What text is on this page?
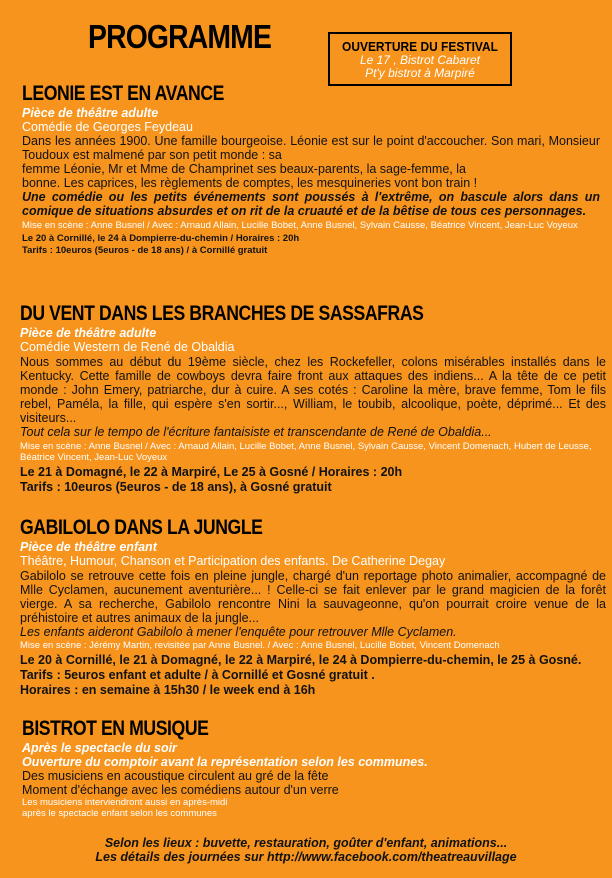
PROGRAMME	OUVERTURE DU FESTIVAL
Le 17 , Bistrot Cabaret
Pt'y bistrot à Marpiré
LEONIE EST EN AVANCE
Pièce de théâtre adulte
Comédie de Georges Feydeau
Dans les années 1900. Une famille bourgeoise. Léonie est sur le point d'accoucher. Son mari, Monsieur Toudoux est malmené par son petit monde : sa
femme Léonie, Mr et Mme de Champrinet ses beaux-parents, la sage-femme, la
bonne. Les caprices, les règlements de comptes, les mesquineries vont bon train !
Une comédie ou les petits événements sont poussés à l'extrême, on bascule alors dans un comique de situations absurdes et on rit de la cruauté et de la bêtise de tous ces personnages.
Mise en scène : Anne Busnel / Avec : Arnaud Allain, Lucille Bobet, Anne Busnel, Sylvain Causse, Béatrice Vincent, Jean-Luc Voyeux
Le 20 à Cornillé, le 24 à Dompierre-du-chemin / Horaires : 20h
Tarifs : 10euros (5euros - de 18 ans) / à Cornillé gratuit
DU VENT DANS LES BRANCHES DE SASSAFRAS
Pièce de théâtre adulte
Comédie Western de René de Obaldia
Nous sommes au début du 19ème siècle, chez les Rockefeller, colons misérables installés dans le Kentucky. Cette famille de cowboys devra faire front aux attaques des indiens... A la tête de ce petit monde : John Emery, patriarche, dur à cuire. A ses cotés : Caroline la mère, brave femme, Tom le fils rebel, Paméla, la fille, qui espère s'en sortir..., William, le toubib, alcoolique, poète, déprimé... Et des visiteurs...
Tout cela sur le tempo de l'écriture fantaisiste et transcendante de René de Obaldia...
Mise en scène : Anne Busnel / Avec : Arnaud Allain, Lucille Bobet, Anne Busnel, Sylvain Causse, Vincent Domenach, Hubert de Leusse, Béatrice Vincent, Jean-Luc Voyeux
Le 21 à Domagné, le 22 à Marpiré, Le 25 à Gosné / Horaires : 20h
Tarifs : 10euros (5euros - de 18 ans), à Gosné gratuit
GABILOLO DANS LA JUNGLE
Pièce de théâtre enfant
Théâtre, Humour, Chanson et Participation des enfants. De Catherine Degay
Gabilolo se retrouve cette fois en pleine jungle, chargé d'un reportage photo animalier, accompagné de Mlle Cyclamen, aucunement aventurière... ! Celle-ci se fait enlever par le grand magicien de la forêt vierge. A sa recherche, Gabilolo rencontre Nini la sauvageonne, qu'on pourrait croire venue de la préhistoire et autres animaux de la jungle...
Les enfants aideront Gabilolo à mener l'enquête pour retrouver Mlle Cyclamen.
Mise en scène : Jérémy Martin, revisitée par Anne Busnel. / Avec : Anne Busnel, Lucille Bobet, Vincent Domenach
Le 20 à Cornillé, le 21 à Domagné, le 22 à Marpiré, le 24 à Dompierre-du-chemin, le 25 à Gosné.
Tarifs : 5euros enfant et adulte / à Cornillé et Gosné gratuit .
Horaires : en semaine à 15h30 / le week end à 16h
BISTROT EN MUSIQUE
Après le spectacle du soir
Ouverture du comptoir avant la représentation selon les communes.
Des musiciens en acoustique circulent au gré de la fête
Moment d'échange avec les comédiens autour d'un verre
Les musiciens interviendront aussi en après-midi
après le spectacle enfant selon les communes
Selon les lieux : buvette, restauration, goûter d'enfant, animations...
Les détails des journées sur http://www.facebook.com/theatreauvillage
